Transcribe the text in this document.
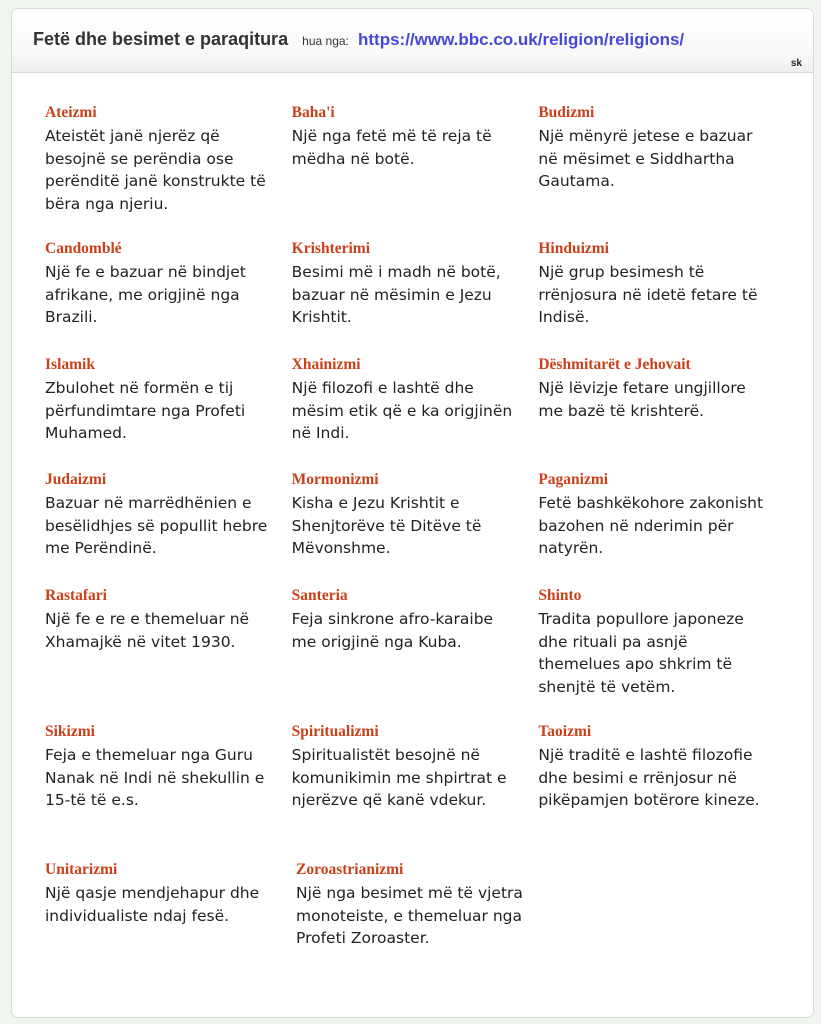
Fetë dhe besimet e paraqitura hua nga: https://www.bbc.co.uk/religion/religions/
sk
Ateizmi

Ateistët janë njerëz që besojnë se perëndia ose perënditë janë konstrukte të bëra nga njeriu.

Baha'i

Një nga fetë më të reja të mëdha në botë.

Budizmi

Një mënyrë jetese e bazuar në mësimet e Siddhartha Gautama.

Candomblé

Një fe e bazuar në bindjet afrikane, me origjinë nga Brazili.

Krishterimi

Besimi më i madh në botë, bazuar në mësimin e Jezu Krishtit.

Hinduizmi

Një grup besimesh të rrënjosura në idetë fetare të Indisë.

Islamik

Zbulohet në formën e tij përfundimtare nga Profeti Muhamed.

Xhainizmi

Një filozofi e lashtë dhe mësim etik që e ka origjinën në Indi.

Dëshmitarët e Jehovait

Një lëvizje fetare ungjillore me bazë të krishterë.

Judaizmi

Bazuar në marrëdhënien e besëlidhjes së popullit hebre me Perëndinë.

Mormonizmi

Kisha e Jezu Krishtit e Shenjtorëve të Ditëve të Mëvonshme.

Paganizmi

Fetë bashkëkohore zakonisht bazohen në nderimin për natyrën.

Rastafari

Një fe e re e themeluar në Xhamajkë në vitet 1930.

Santeria

Feja sinkrone afro-karaibe me origjinë nga Kuba.

Shinto

Tradita popullore japoneze dhe rituali pa asnjë themelues apo shkrim të shenjtë të vetëm.

Sikizmi

Feja e themeluar nga Guru Nanak në Indi në shekullin e 15-të të e.s.

Spiritualizmi

Spiritualistët besojnë në komunikimin me shpirtrat e njerëzve që kanë vdekur.

Taoizmi

Një traditë e lashtë filozofie dhe besimi e rrënjosur në pikëpamjen botërore kineze.

Unitarizmi

Një qasje mendjehapur dhe individualiste ndaj fesë.

Zoroastrianizmi

Një nga besimet më të vjetra monoteiste, e themeluar nga Profeti Zoroaster.
